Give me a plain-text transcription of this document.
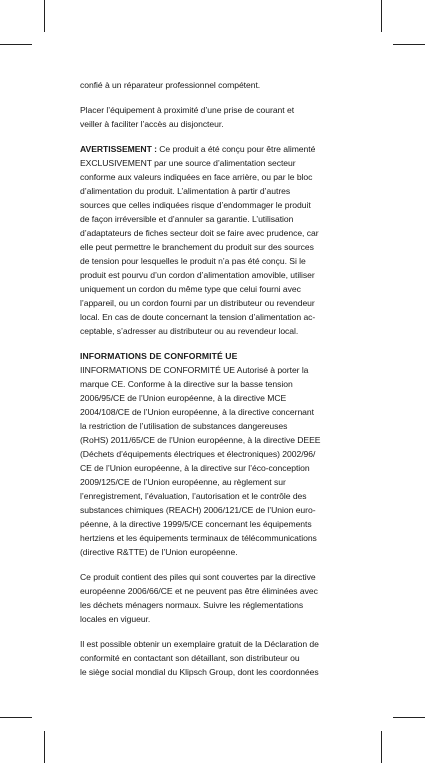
confié à un réparateur professionnel compétent.
Placer l’équipement à proximité d’une prise de courant et
veiller à faciliter l’accès au disjoncteur.
AVERTISSEMENT : Ce produit a été conçu pour être alimenté
EXCLUSIVEMENT par une source d’alimentation secteur
conforme aux valeurs indiquées en face arrière, ou par le bloc
d’alimentation du produit. L’alimentation à partir d’autres
sources que celles indiquées risque d’endommager le produit
de façon irréversible et d’annuler sa garantie. L’utilisation
d’adaptateurs de fiches secteur doit se faire avec prudence, car
elle peut permettre le branchement du produit sur des sources
de tension pour lesquelles le produit n’a pas été conçu. Si le
produit est pourvu d’un cordon d’alimentation amovible, utiliser
uniquement un cordon du même type que celui fourni avec
l’appareil, ou un cordon fourni par un distributeur ou revendeur
local. En cas de doute concernant la tension d’alimentation ac-
ceptable, s’adresser au distributeur ou au revendeur local.
INFORMATIONS DE CONFORMITÉ UE
IINFORMATIONS DE CONFORMITÉ UE Autorisé à porter la
marque CE. Conforme à la directive sur la basse tension
2006/95/CE de l’Union européenne, à la directive MCE
2004/108/CE de l’Union européenne, à la directive concernant
la restriction de l’utilisation de substances dangereuses
(RoHS) 2011/65/CE de l’Union européenne, à la directive DEEE
(Déchets d’équipements électriques et électroniques) 2002/96/
CE de l’Union européenne, à la directive sur l’éco-conception
2009/125/CE de l’Union européenne, au règlement sur
l’enregistrement, l’évaluation, l’autorisation et le contrôle des
substances chimiques (REACH) 2006/121/CE de l’Union euro-
péenne, à la directive 1999/5/CE concernant les équipements
hertziens et les équipements terminaux de télécommunications
(directive R&TTE) de l’Union européenne.
Ce produit contient des piles qui sont couvertes par la directive
européenne 2006/66/CE et ne peuvent pas être éliminées avec
les déchets ménagers normaux. Suivre les réglementations
locales en vigueur.
Il est possible obtenir un exemplaire gratuit de la Déclaration de
conformité en contactant son détaillant, son distributeur ou
le siège social mondial du Klipsch Group, dont les coordonnées
